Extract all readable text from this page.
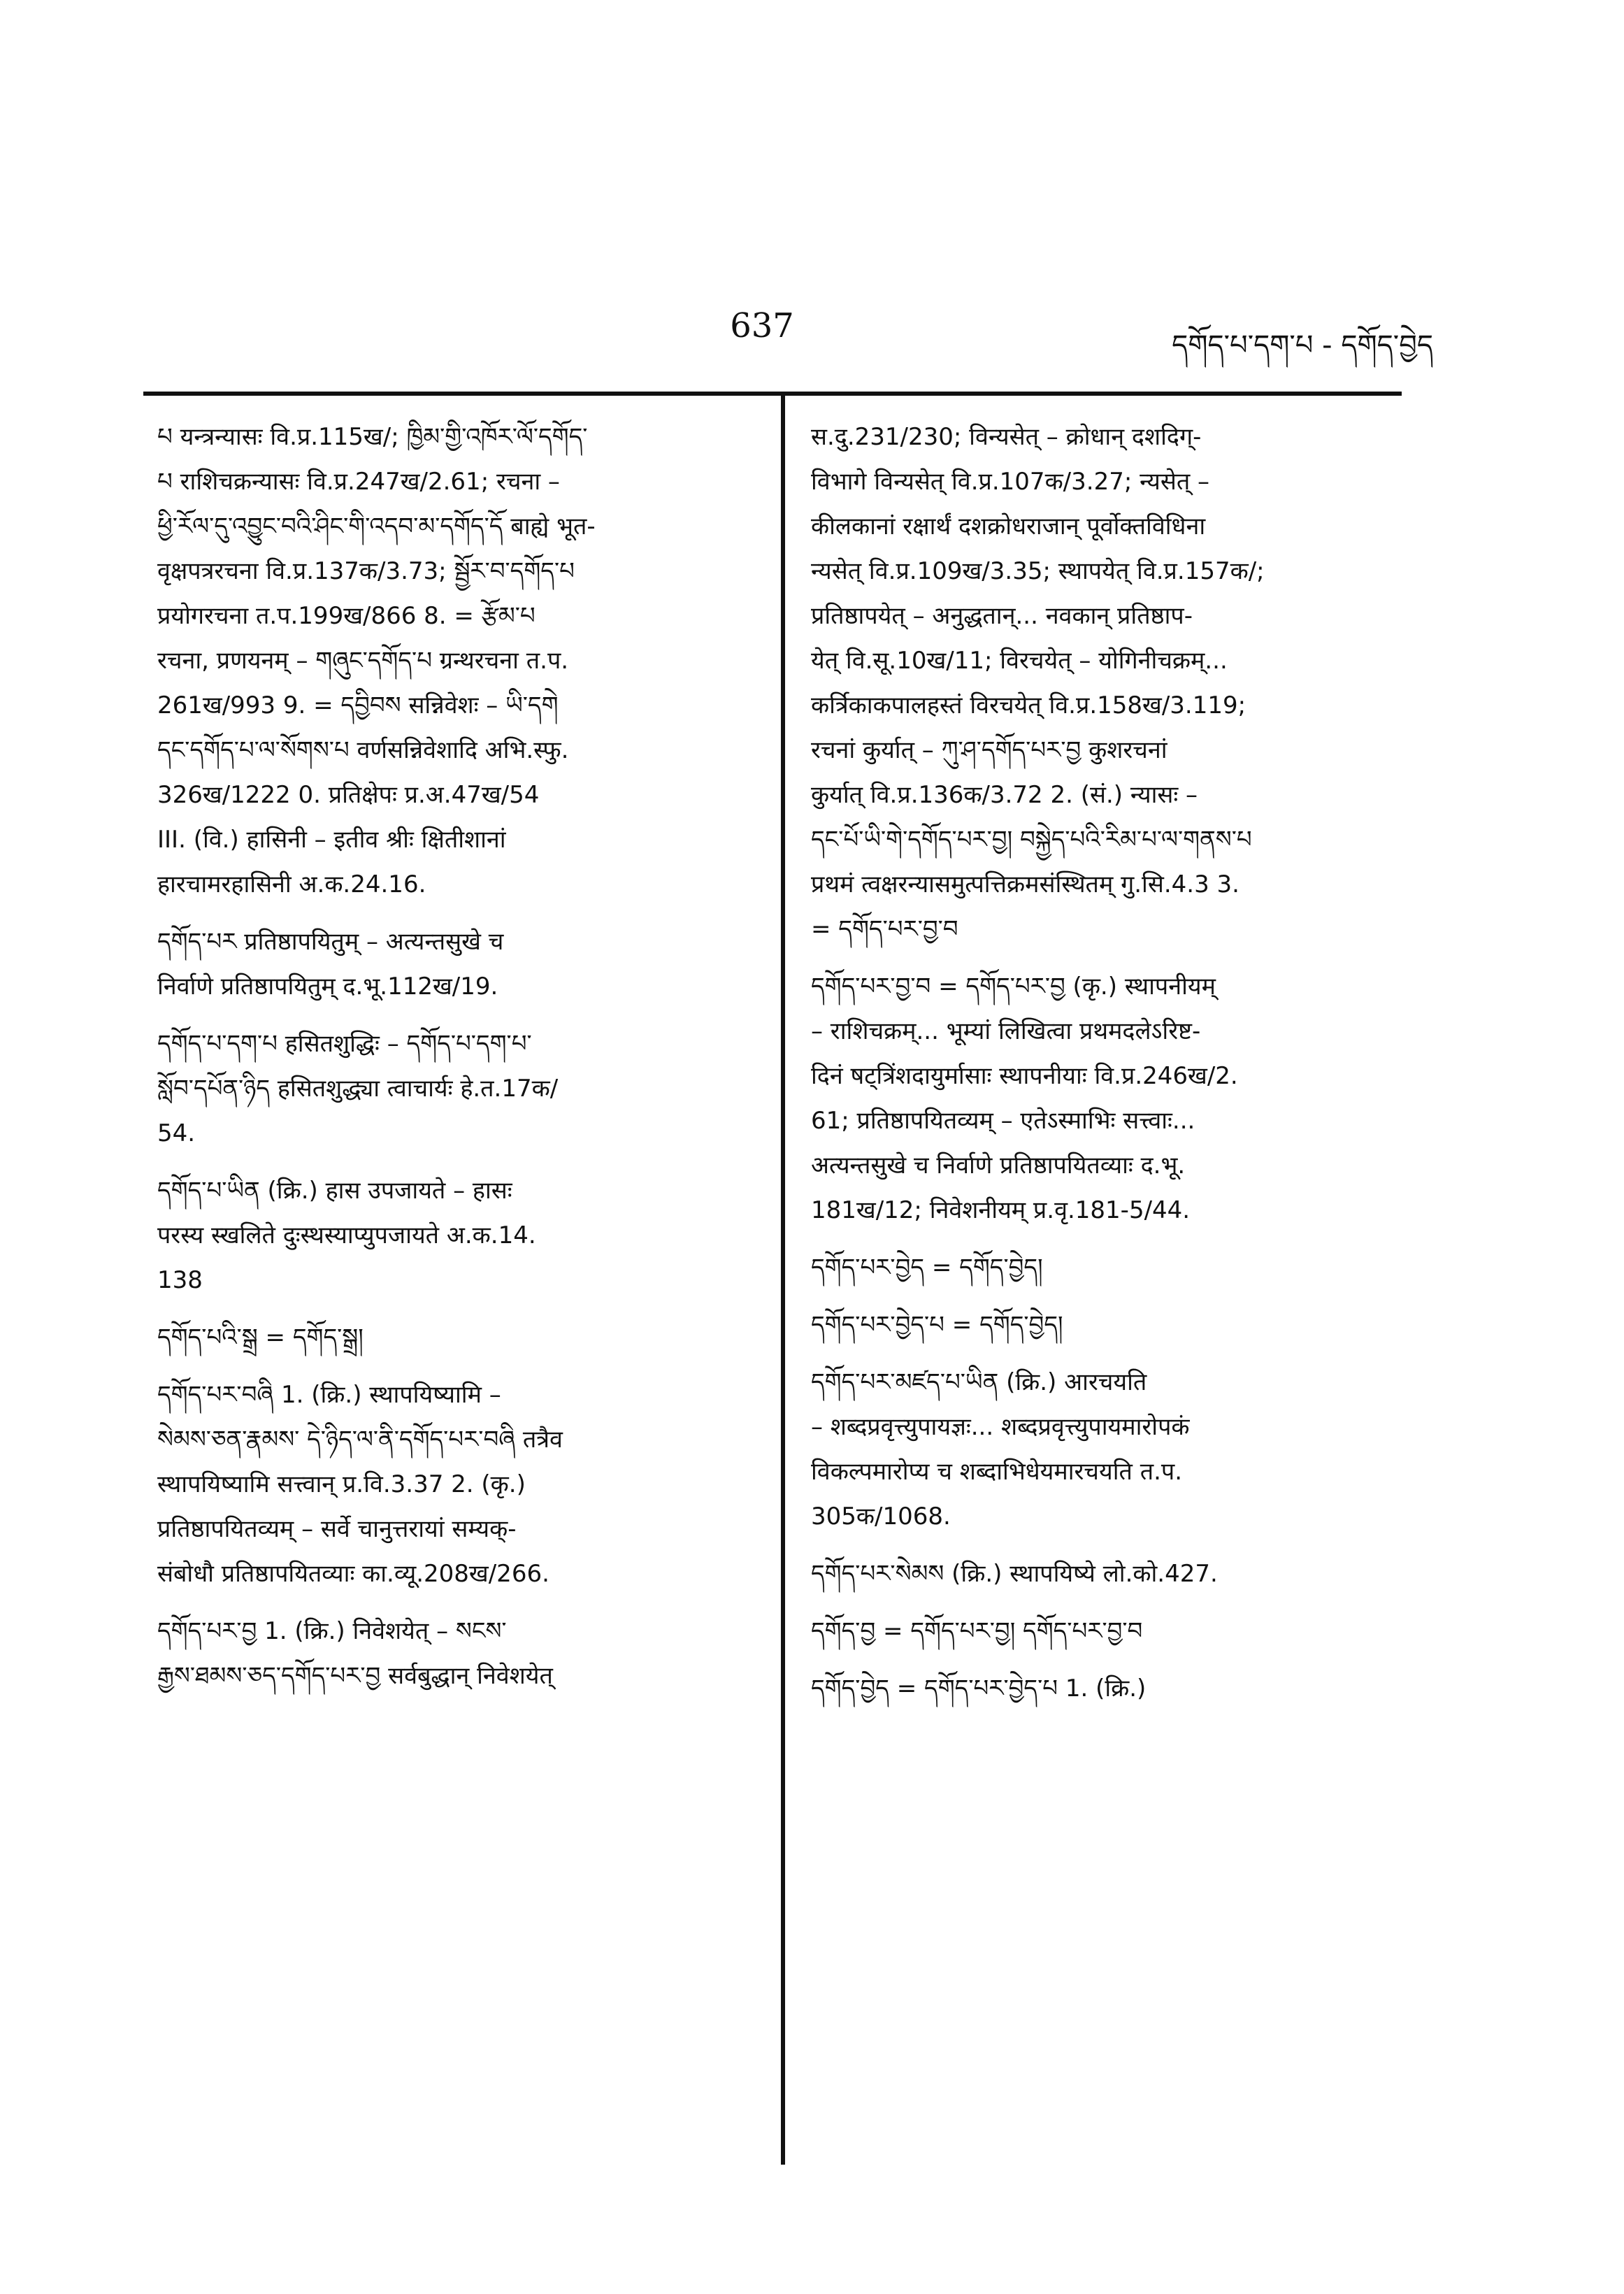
637	དགོད་པ་དག་པ - དགོད་བྱེད
པ यन्त्रन्यासः वि.प्र.115ख/; ཁྱིམ་གྱི་འཁོར་ལོ་དགོད་
པ राशिचक्रन्यासः वि.प्र.247ख/2.61; रचना –
ཕྱི་རོལ་དུ་འབྱུང་བའི་ཤིང་གི་འདབ་མ་དགོད་དོ बाह्ये भूत-
वृक्षपत्ररचना वि.प्र.137क/3.73; སྦྱོར་བ་དགོད་པ
प्रयोगरचना त.प.199ख/866 8. = རྩོམ་པ
रचना, प्रणयनम् – གཞུང་དགོད་པ ग्रन्थरचना त.प.
261ख/993 9. = དབྱིབས सन्निवेशः – ཡི་དགེ
དང་དགོད་པ་ལ་སོགས་པ वर्णसन्निवेशादि अभि.स्फु.
326ख/1222 0. प्रतिक्षेपः प्र.अ.47ख/54
III. (वि.) हासिनी – इतीव श्रीः क्षितीशानां
हारचामरहासिनी अ.क.24.16.
དགོད་པར प्रतिष्ठापयितुम् – अत्यन्तसुखे च
निर्वाणे प्रतिष्ठापयितुम् द.भू.112ख/19.
དགོད་པ་དག་པ हसितशुद्धिः – དགོད་པ་དག་པ་
སློབ་དཔོན་ཉིད हसितशुद्ध्या त्वाचार्यः हे.त.17क/
54.
དགོད་པ་ཡིན (क्रि.) हास उपजायते – हासः
परस्य स्खलिते दुःस्थस्याप्युपजायते अ.क.14.
138
དགོད་པའི་སྒྲ = དགོད་སྒྲ།
དགོད་པར་བཞི 1. (क्रि.) स्थापयिष्यामि –
སེམས་ཅན་རྣམས་ དེ་ཉིད་ལ་ནི་དགོད་པར་བཞི तत्रैव
स्थापयिष्यामि सत्त्वान् प्र.वि.3.37 2. (कृ.)
प्रतिष्ठापयितव्यम् – सर्वे चानुत्तरायां सम्यक्-
संबोधौ प्रतिष्ठापयितव्याः का.व्यू.208ख/266.
དགོད་པར་བྱ 1. (क्रि.) निवेशयेत् – སངས་
རྒྱས་ཐམས་ཅད་དགོད་པར་བྱ सर्वबुद्धान् निवेशयेत्
स.दु.231/230; विन्यसेत् – क्रोधान् दशदिग्-
विभागे विन्यसेत् वि.प्र.107क/3.27; न्यसेत् –
कीलकानां रक्षार्थं दशक्रोधराजान् पूर्वोक्तविधिना
न्यसेत् वि.प्र.109ख/3.35; स्थापयेत् वि.प्र.157क/;
प्रतिष्ठापयेत् – अनुद्धतान्... नवकान् प्रतिष्ठाप-
येत् वि.सू.10ख/11; विरचयेत् – योगिनीचक्रम्...
कर्त्रिकाकपालहस्तं विरचयेत् वि.प्र.158ख/3.119;
रचनां कुर्यात् – ཀུ་ཤ་དགོད་པར་བྱ कुशरचनां
कुर्यात् वि.प्र.136क/3.72 2. (सं.) न्यासः –
དང་པོ་ཡི་གེ་དགོད་པར་བྱ། བསྐྱེད་པའི་རིམ་པ་ལ་གནས་པ
प्रथमं त्वक्षरन्यासमुत्पत्तिक्रमसंस्थितम् गु.सि.4.3 3.
= དགོད་པར་བྱ་བ
དགོད་པར་བྱ་བ = དགོད་པར་བྱ (कृ.) स्थापनीयम्
– राशिचक्रम्... भूम्यां लिखित्वा प्रथमदलेऽरिष्ट-
दिनं षट्त्रिंशदायुर्मासाः स्थापनीयाः वि.प्र.246ख/2.
61; प्रतिष्ठापयितव्यम् – एतेऽस्माभिः सत्त्वाः...
अत्यन्तसुखे च निर्वाणे प्रतिष्ठापयितव्याः द.भू.
181ख/12; निवेशनीयम् प्र.वृ.181-5/44.
དགོད་པར་བྱེད = དགོད་བྱེད།
དགོད་པར་བྱེད་པ = དགོད་བྱེད།
དགོད་པར་མཛད་པ་ཡིན (क्रि.) आरचयति
– शब्दप्रवृत्त्युपायज्ञः... शब्दप्रवृत्त्युपायमारोपकं
विकल्पमारोप्य च शब्दाभिधेयमारचयति त.प.
305क/1068.
དགོད་པར་སེམས (क्रि.) स्थापयिष्ये लो.को.427.
དགོད་བྱ = དགོད་པར་བྱ། དགོད་པར་བྱ་བ
དགོད་བྱེད = དགོད་པར་བྱེད་པ 1. (क्रि.)
